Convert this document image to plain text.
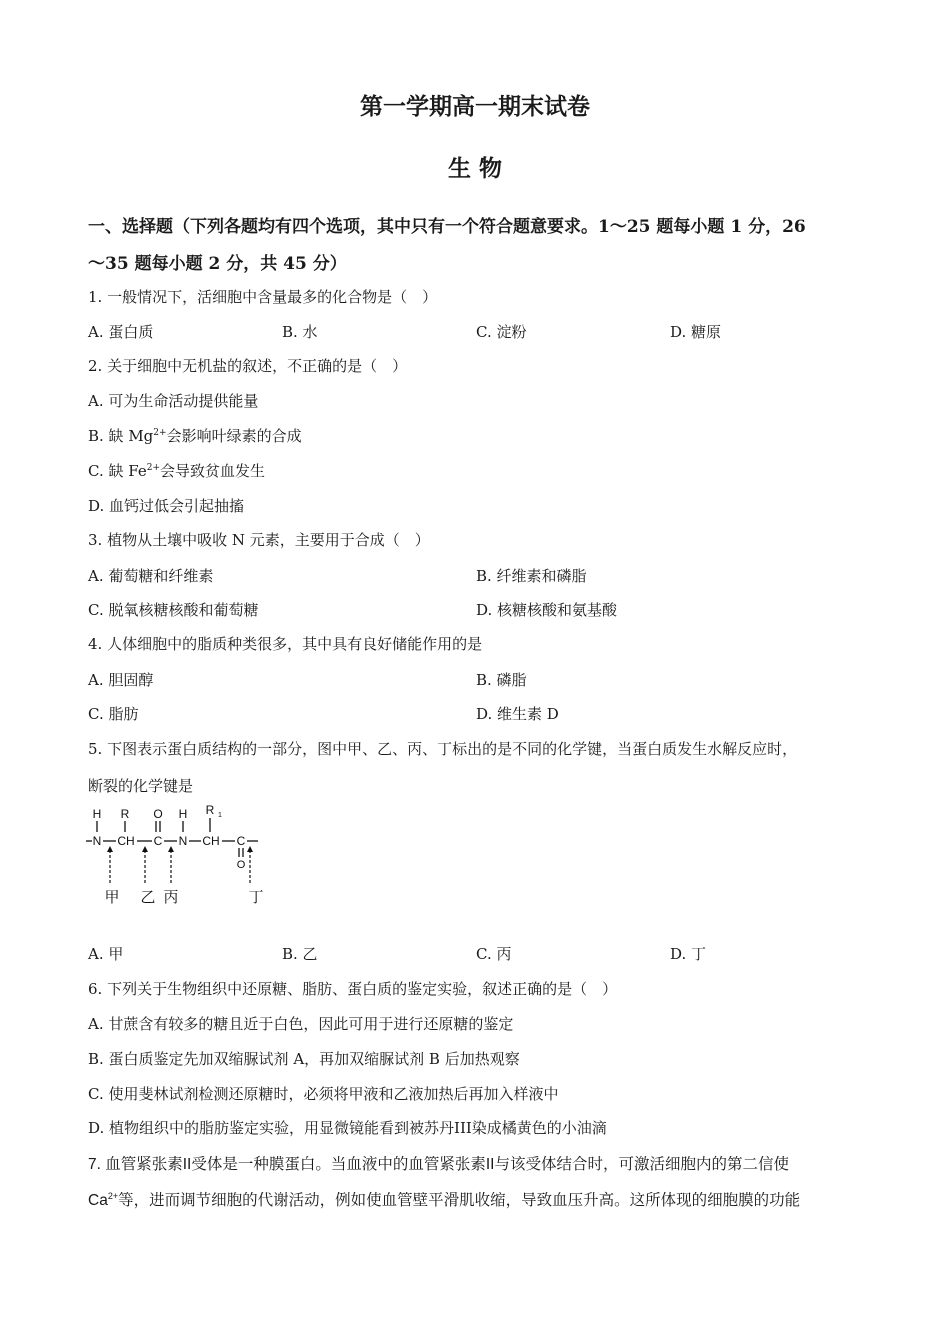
第一学期高一期末试卷
生 物
一、选择题（下列各题均有四个选项，其中只有一个符合题意要求。1～25 题每小题 1 分，26
～35 题每小题 2 分，共 45 分）
1. 一般情况下，活细胞中含量最多的化合物是（　）
A. 蛋白质	B. 水	C. 淀粉	D. 糖原
2. 关于细胞中无机盐的叙述，不正确的是（　）
A. 可为生命活动提供能量
B. 缺 $Mg^{2+}$会影响叶绿素的合成
C. 缺 $Fe^{2+}$会导致贫血发生
D. 血钙过低会引起抽搐
3. 植物从土壤中吸收 N 元素，主要用于合成（　）
A. 葡萄糖和纤维素	B. 纤维素和磷脂
C. 脱氧核糖核酸和葡萄糖	D. 核糖核酸和氨基酸
4. 人体细胞中的脂质种类很多，其中具有良好储能作用的是
A. 胆固醇	B. 磷脂
C. 脂肪	D. 维生素 D
5. 下图表示蛋白质结构的一部分，图中甲、乙、丙、丁标出的是不同的化学键，当蛋白质发生水解反应时，
断裂的化学键是
H R O H R 1
N CH C N CH C
O
甲 乙 丙	丁
A. 甲	B. 乙	C. 丙	D. 丁
6. 下列关于生物组织中还原糖、脂肪、蛋白质的鉴定实验，叙述正确的是（　）
A. 甘蔗含有较多的糖且近于白色，因此可用于进行还原糖的鉴定
B. 蛋白质鉴定先加双缩脲试剂 A，再加双缩脲试剂 B 后加热观察
C. 使用斐林试剂检测还原糖时，必须将甲液和乙液加热后再加入样液中
D. 植物组织中的脂肪鉴定实验，用显微镜能看到被苏丹III染成橘黄色的小油滴
7. 血管紧张素II受体是一种膜蛋白。当血液中的血管紧张素II与该受体结合时，可激活细胞内的第二信使
$Ca^{2+}$等，进而调节细胞的代谢活动，例如使血管壁平滑肌收缩，导致血压升高。这所体现的细胞膜的功能
